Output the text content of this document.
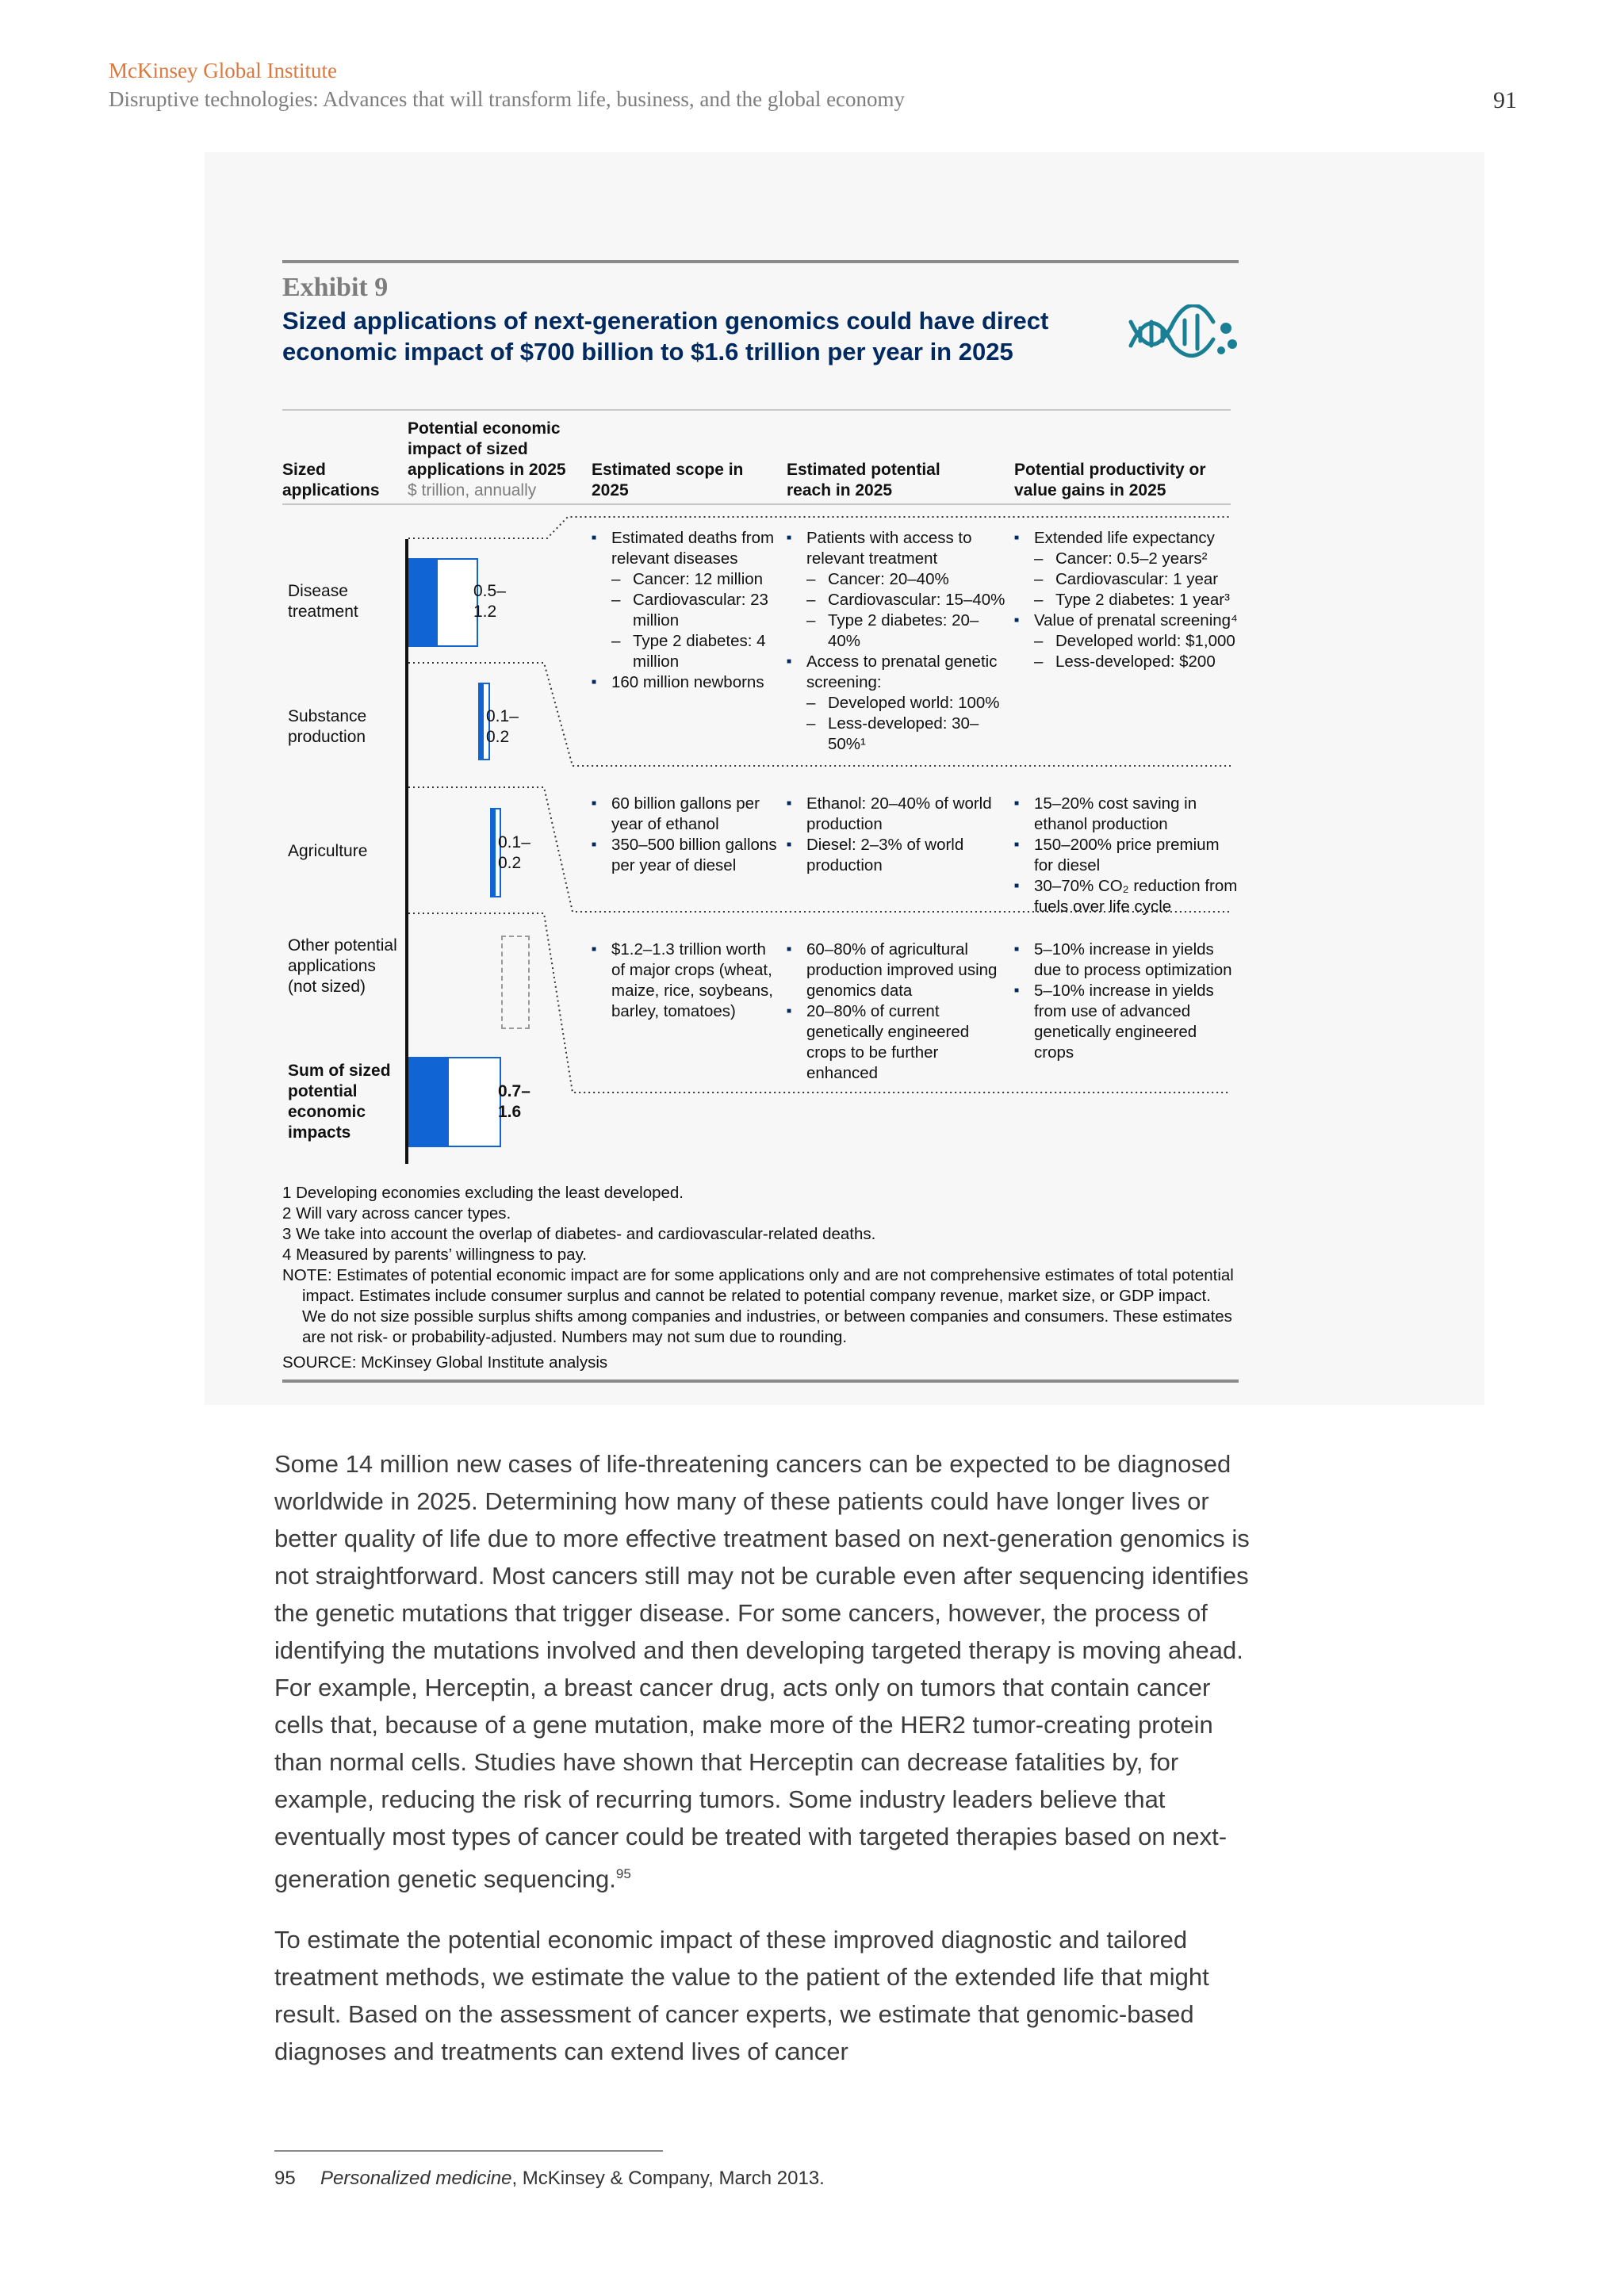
McKinsey Global Institute
Disruptive technologies: Advances that will transform life, business, and the global economy	91
Exhibit 9
Sized applications of next-generation genomics could have direct economic impact of $700 billion to $1.6 trillion per year in 2025
Sized applications
Potential economic impact of sized applications in 2025
$ trillion, annually
Estimated scope in 2025
Estimated potential reach in 2025
Potential productivity or value gains in 2025
Disease treatment
Substance production
Agriculture
Other potential applications (not sized)
Sum of sized potential economic impacts
0.5– 1.2
0.1– 0.2
0.1– 0.2
0.7– 1.6
■ Estimated deaths from relevant diseases
– Cancer: 12 million
– Cardiovascular: 23 million
– Type 2 diabetes: 4 million
■ 160 million newborns
■ Patients with access to relevant treatment
– Cancer: 20–40%
– Cardiovascular: 15–40%
– Type 2 diabetes: 20–40%
■ Access to prenatal genetic screening:
– Developed world: 100%
– Less-developed: 30–50%¹
■ Extended life expectancy
– Cancer: 0.5–2 years²
– Cardiovascular: 1 year
– Type 2 diabetes: 1 year³
■ Value of prenatal screening⁴
– Developed world: $1,000
– Less-developed: $200
■ 60 billion gallons per year of ethanol
■ 350–500 billion gallons per year of diesel
■ Ethanol: 20–40% of world production
■ Diesel: 2–3% of world production
■ 15–20% cost saving in ethanol production
■ 150–200% price premium for diesel
■ 30–70% CO₂ reduction from fuels over life cycle
■ $1.2–1.3 trillion worth of major crops (wheat, maize, rice, soybeans, barley, tomatoes)
■ 60–80% of agricultural production improved using genomics data
■ 20–80% of current genetically engineered crops to be further enhanced
■ 5–10% increase in yields due to process optimization
■ 5–10% increase in yields from use of advanced genetically engineered crops
1 Developing economies excluding the least developed.
2 Will vary across cancer types.
3 We take into account the overlap of diabetes- and cardiovascular-related deaths.
4 Measured by parents’ willingness to pay.
NOTE: Estimates of potential economic impact are for some applications only and are not comprehensive estimates of total potential impact. Estimates include consumer surplus and cannot be related to potential company revenue, market size, or GDP impact. We do not size possible surplus shifts among companies and industries, or between companies and consumers. These estimates are not risk- or probability-adjusted. Numbers may not sum due to rounding.
SOURCE: McKinsey Global Institute analysis

Some 14 million new cases of life-threatening cancers can be expected to be diagnosed worldwide in 2025. Determining how many of these patients could have longer lives or better quality of life due to more effective treatment based on next-generation genomics is not straightforward. Most cancers still may not be curable even after sequencing identifies the genetic mutations that trigger disease. For some cancers, however, the process of identifying the mutations involved and then developing targeted therapy is moving ahead. For example, Herceptin, a breast cancer drug, acts only on tumors that contain cancer cells that, because of a gene mutation, make more of the HER2 tumor-creating protein than normal cells. Studies have shown that Herceptin can decrease fatalities by, for example, reducing the risk of recurring tumors. Some industry leaders believe that eventually most types of cancer could be treated with targeted therapies based on next-generation genetic sequencing.$^{95}$

To estimate the potential economic impact of these improved diagnostic and tailored treatment methods, we estimate the value to the patient of the extended life that might result. Based on the assessment of cancer experts, we estimate that genomic-based diagnoses and treatments can extend lives of cancer

95 Personalized medicine, McKinsey & Company, March 2013.
